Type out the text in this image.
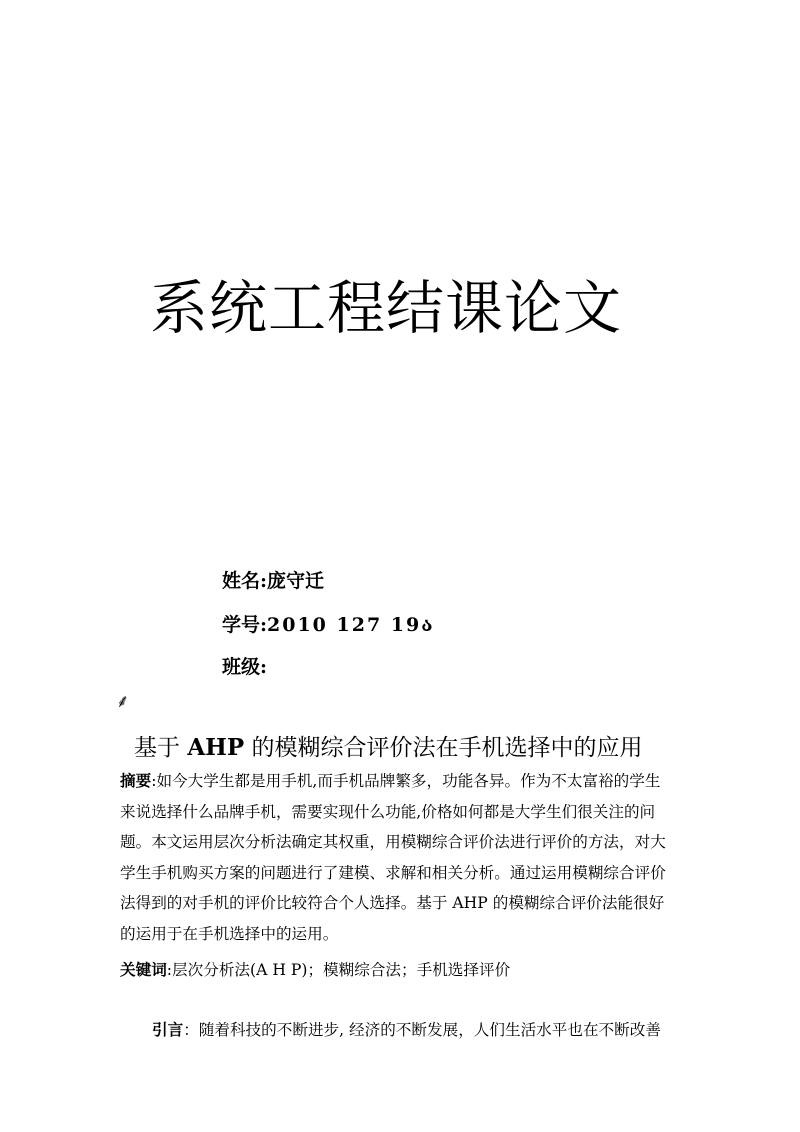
系统工程结课论文
姓名:庞守迁
学号:2010 127 19ა
班级:
⸙
基于 AHP 的模糊综合评价法在手机选择中的应用
摘要:如今大学生都是用手机,而手机品牌繁多，功能各异。作为不太富裕的学生
来说选择什么品牌手机，需要实现什么功能,价格如何都是大学生们很关注的问
题。本文运用层次分析法确定其权重，用模糊综合评价法进行评价的方法，对大
学生手机购买方案的问题进行了建模、求解和相关分析。通过运用模糊综合评价
法得到的对手机的评价比较符合个人选择。基于 AHP 的模糊综合评价法能很好
的运用于在手机选择中的运用。
关键词:层次分析法(A H P)；模糊综合法；手机选择评价
引言：随着科技的不断进步, 经济的不断发展，人们生活水平也在不断改善
